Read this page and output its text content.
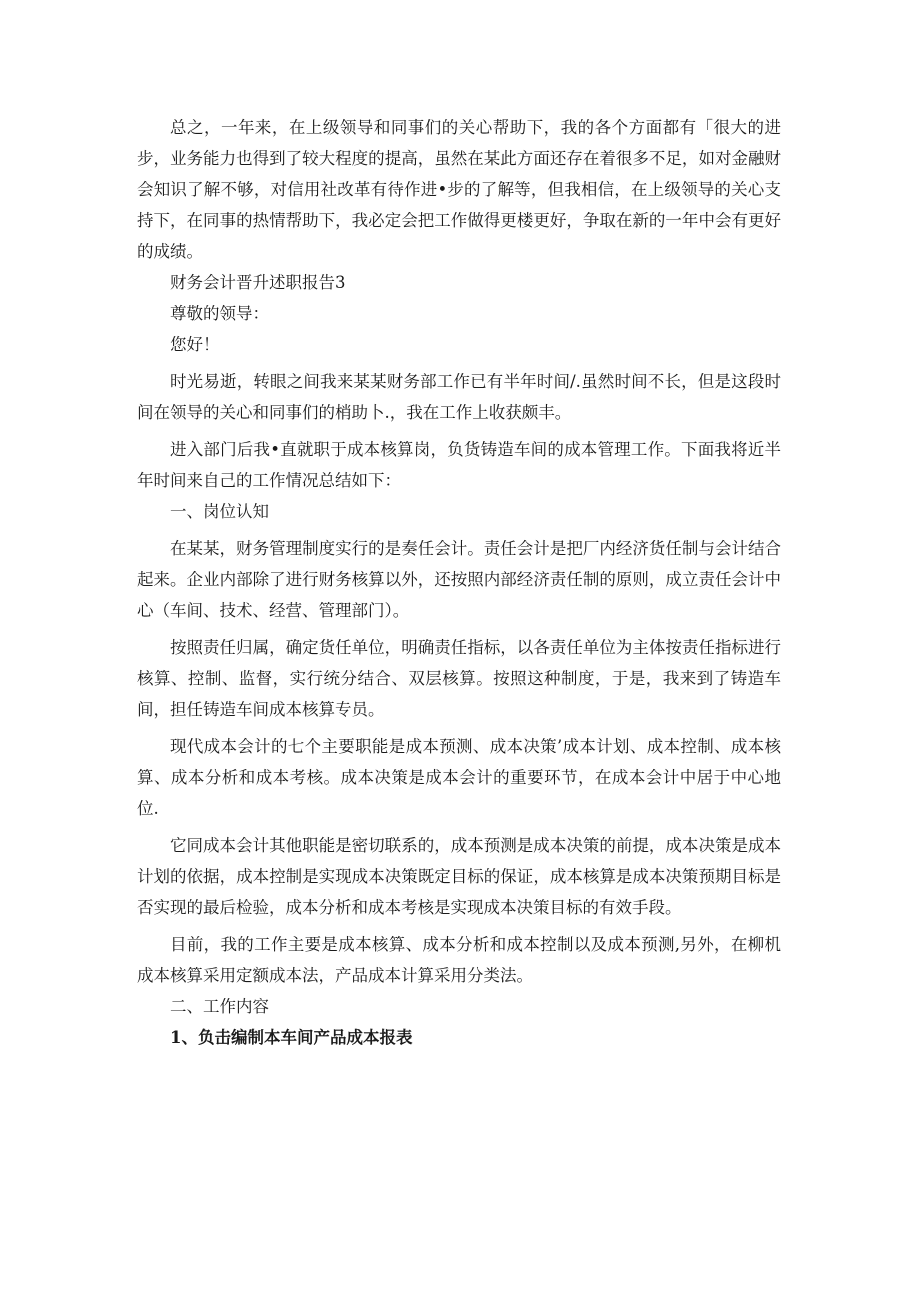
总之，一年来，在上级领导和同事们的关心帮助下，我的各个方面都有「很大的进步，业务能力也得到了较大程度的提高，虽然在某此方面还存在着很多不足，如对金融财会知识了解不够，对信用社改革有待作进•步的了解等，但我相信，在上级领导的关心支持下，在同事的热情帮助下，我必定会把工作做得更楼更好，争取在新的一年中会有更好的成绩。

财务会计晋升述职报告3

尊敬的领导：

您好！

时光易逝，转眼之间我来某某财务部工作已有半年时间/.虽然时间不长，但是这段时间在领导的关心和同事们的梢助卜.，我在工作上收获颇丰。

进入部门后我•直就职于成本核算岗，负货铸造车间的成本管理工作。下面我将近半年时间来自己的工作情况总结如下：

一、岗位认知

在某某，财务管理制度实行的是奏任会计。责任会计是把厂内经济货任制与会计结合起来。企业内部除了进行财务核算以外，还按照内部经济责任制的原则，成立责任会计中心（车间、技术、经营、管理部门）。

按照责任归属，确定货任单位，明确责任指标，以各责任单位为主体按责任指标进行核算、控制、监督，实行统分结合、双层核算。按照这种制度，于是，我来到了铸造车间，担任铸造车间成本核算专员。

现代成本会计的七个主要职能是成本预测、成本决策’成本计划、成本控制、成本核算、成本分析和成本考核。成本决策是成本会计的重要环节，在成本会计中居于中心地位.

它同成本会计其他职能是密切联系的，成本预测是成本决策的前提，成本决策是成本计划的依据，成本控制是实现成本决策既定目标的保证，成本核算是成本决策预期目标是否实现的最后检验，成本分析和成本考核是实现成本决策目标的有效手段。

目前，我的工作主要是成本核算、成本分析和成本控制以及成本预测,另外，在柳机成本核算采用定额成本法，产品成本计算采用分类法。

二、工作内容

1、负击编制本车间产品成本报表
